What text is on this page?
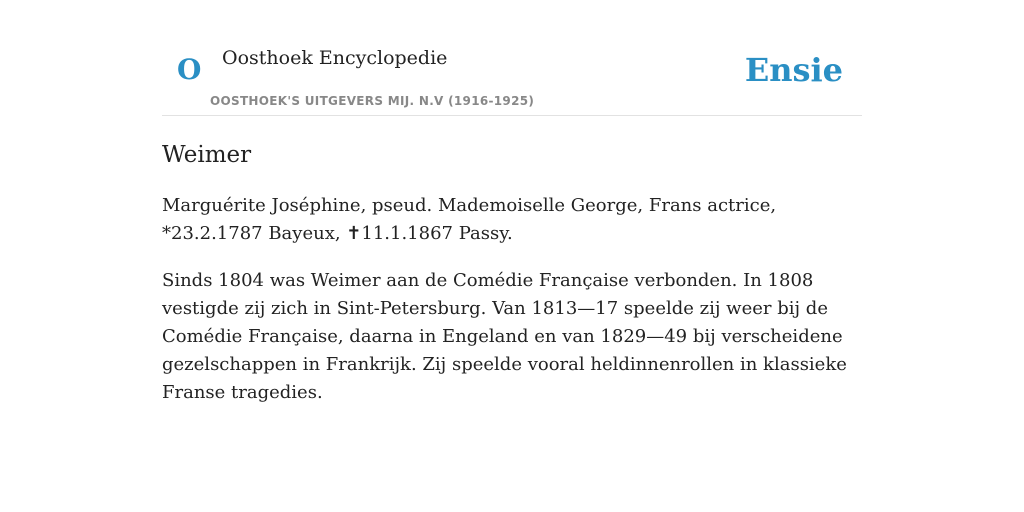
O Oosthoek Encyclopedie
OOSTHOEK'S UITGEVERS MIJ. N.V (1916-1925)
Ensie
Weimer

Marguérite Joséphine, pseud. Mademoiselle George, Frans actrice, *23.2.1787 Bayeux, ✝11.1.1867 Passy.

Sinds 1804 was Weimer aan de Comédie Française verbonden. In 1808 vestigde zij zich in Sint-Petersburg. Van 1813—17 speelde zij weer bij de Comédie Française, daarna in Engeland en van 1829—49 bij verscheidene gezelschappen in Frankrijk. Zij speelde vooral heldinnenrollen in klassieke Franse tragedies.
